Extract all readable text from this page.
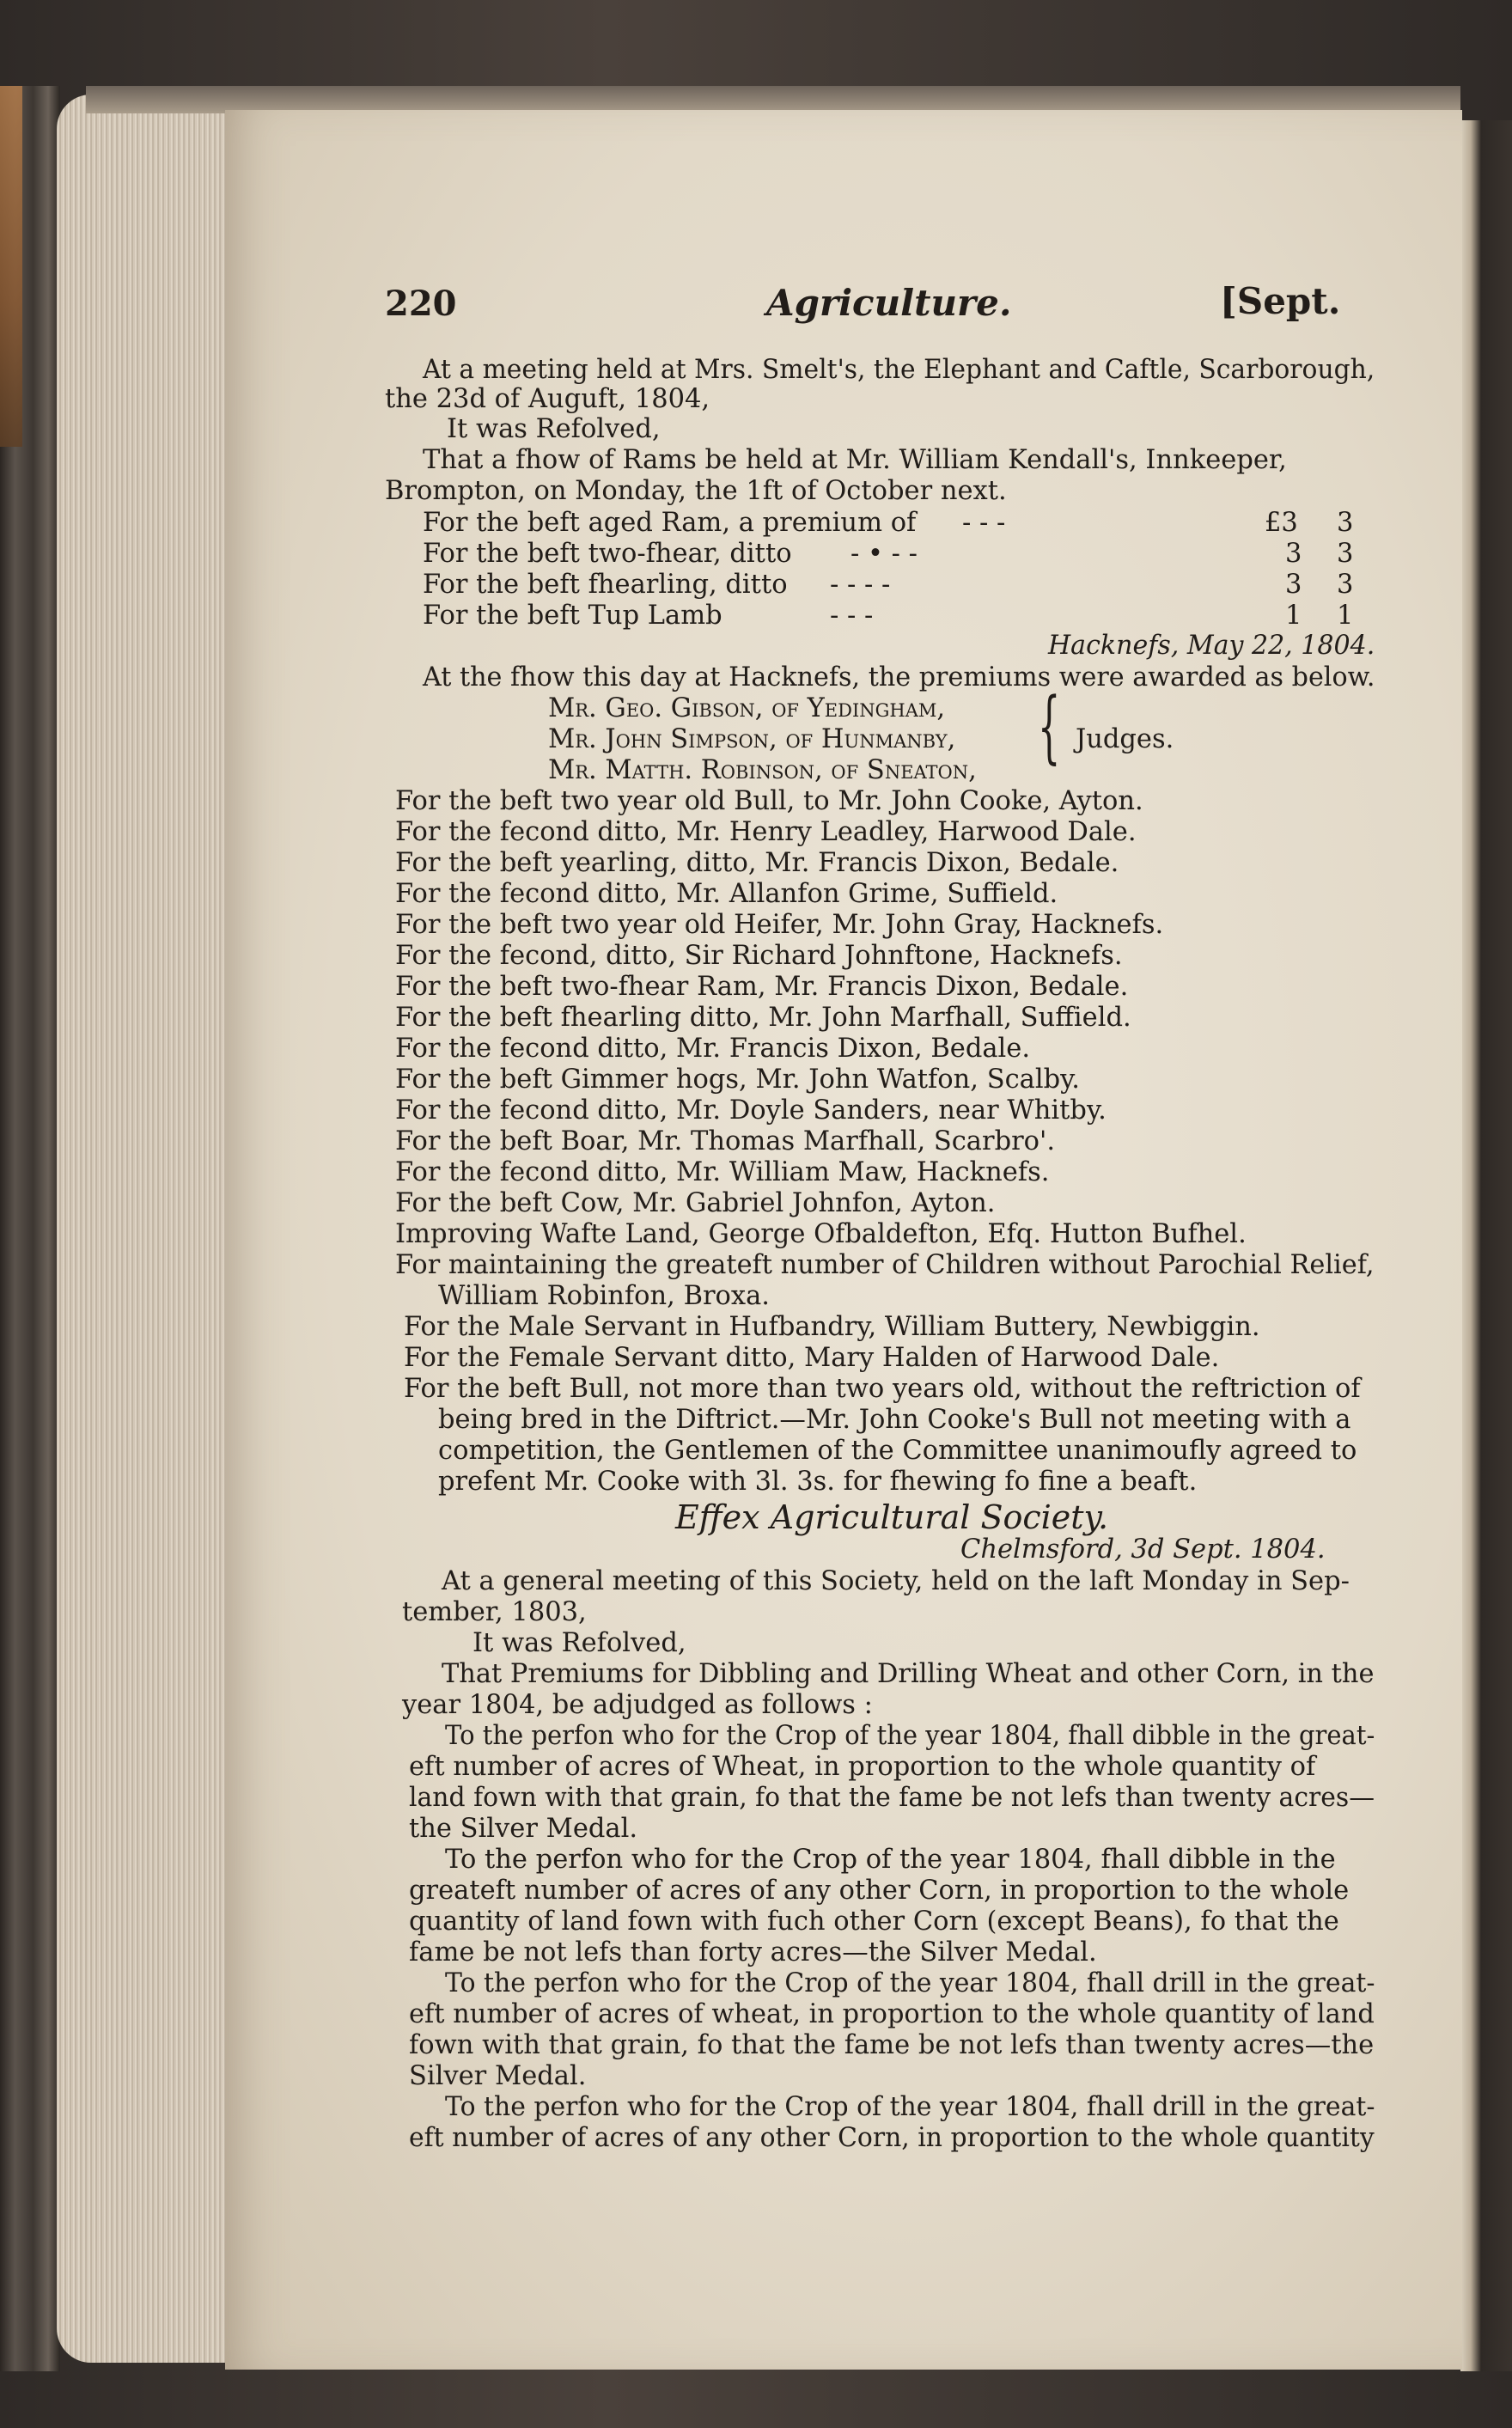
220	Agriculture.	[Sept.
At a meeting held at Mrs. Smelt's, the Elephant and Caftle, Scarborough,
the 23d of Auguft, 1804,
It was Refolved,
That a fhow of Rams be held at Mr. William Kendall's, Innkeeper,
Brompton, on Monday, the 1ft of October next.
For the beft aged Ram, a premium of - - -	£3 3
For the beft two-fhear, ditto - • - -	3 3
For the beft fhearling, ditto - - - -	3 3
For the beft Tup Lamb	- - -	1 1
Hacknefs, May 22, 1804.
At the fhow this day at Hacknefs, the premiums were awarded as below.
Mr. Geo. Gibson, of Yedingham,
Mr. John Simpson, of Hunmanby,
Mr. Matth. Robinson, of Sneaton, { Judges.
For the beft two year old Bull, to Mr. John Cooke, Ayton.
For the fecond ditto, Mr. Henry Leadley, Harwood Dale.
For the beft yearling, ditto, Mr. Francis Dixon, Bedale.
For the fecond ditto, Mr. Allanfon Grime, Suffield.
For the beft two year old Heifer, Mr. John Gray, Hacknefs.
For the fecond, ditto, Sir Richard Johnftone, Hacknefs.
For the beft two-fhear Ram, Mr. Francis Dixon, Bedale.
For the beft fhearling ditto, Mr. John Marfhall, Suffield.
For the fecond ditto, Mr. Francis Dixon, Bedale.
For the beft Gimmer hogs, Mr. John Watfon, Scalby.
For the fecond ditto, Mr. Doyle Sanders, near Whitby.
For the beft Boar, Mr. Thomas Marfhall, Scarbro'.
For the fecond ditto, Mr. William Maw, Hacknefs.
For the beft Cow, Mr. Gabriel Johnfon, Ayton.
Improving Wafte Land, George Ofbaldefton, Efq. Hutton Bufhel.
For maintaining the greateft number of Children without Parochial Relief,
William Robinfon, Broxa.
For the Male Servant in Hufbandry, William Buttery, Newbiggin.
For the Female Servant ditto, Mary Halden of Harwood Dale.
For the beft Bull, not more than two years old, without the reftriction of
being bred in the Diftrict.—Mr. John Cooke's Bull not meeting with a
competition, the Gentlemen of the Committee unanimoufly agreed to
prefent Mr. Cooke with 3l. 3s. for fhewing fo fine a beaft.
Effex Agricultural Society.
Chelmsford, 3d Sept. 1804.
At a general meeting of this Society, held on the laft Monday in Sep-
tember, 1803,
It was Refolved,
That Premiums for Dibbling and Drilling Wheat and other Corn, in the
year 1804, be adjudged as follows :
To the perfon who for the Crop of the year 1804, fhall dibble in the great-
eft number of acres of Wheat, in proportion to the whole quantity of
land fown with that grain, fo that the fame be not lefs than twenty acres—
the Silver Medal.
To the perfon who for the Crop of the year 1804, fhall dibble in the
greateft number of acres of any other Corn, in proportion to the whole
quantity of land fown with fuch other Corn (except Beans), fo that the
fame be not lefs than forty acres—the Silver Medal.
To the perfon who for the Crop of the year 1804, fhall drill in the great-
eft number of acres of wheat, in proportion to the whole quantity of land
fown with that grain, fo that the fame be not lefs than twenty acres—the
Silver Medal.
To the perfon who for the Crop of the year 1804, fhall drill in the great-
eft number of acres of any other Corn, in proportion to the whole quantity
